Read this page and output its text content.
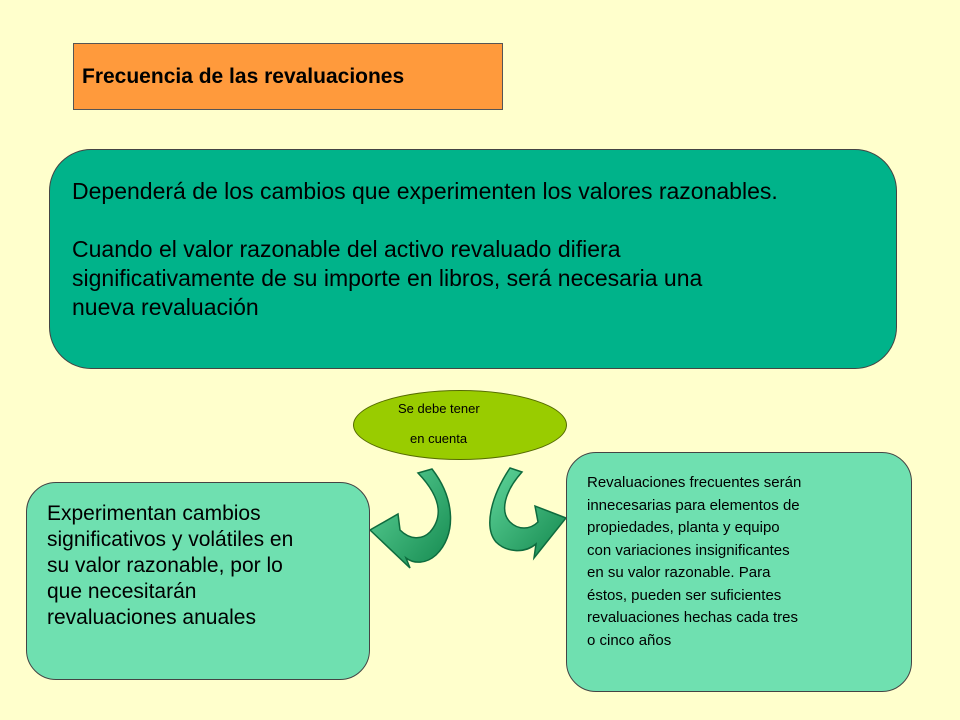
Frecuencia de las revaluaciones

Dependerá de los cambios que experimenten los valores razonables.

Cuando el valor razonable del activo revaluado difiera
significativamente de su importe en libros, será necesaria una
nueva revaluación

Se debe tener
en cuenta
Experimentan cambios
significativos y volátiles en
su valor razonable, por lo
que necesitarán
revaluaciones anuales
Revaluaciones frecuentes serán
innecesarias para elementos de
propiedades, planta y equipo
con variaciones insignificantes
en su valor razonable. Para
éstos, pueden ser suficientes
revaluaciones hechas cada tres
o cinco años
